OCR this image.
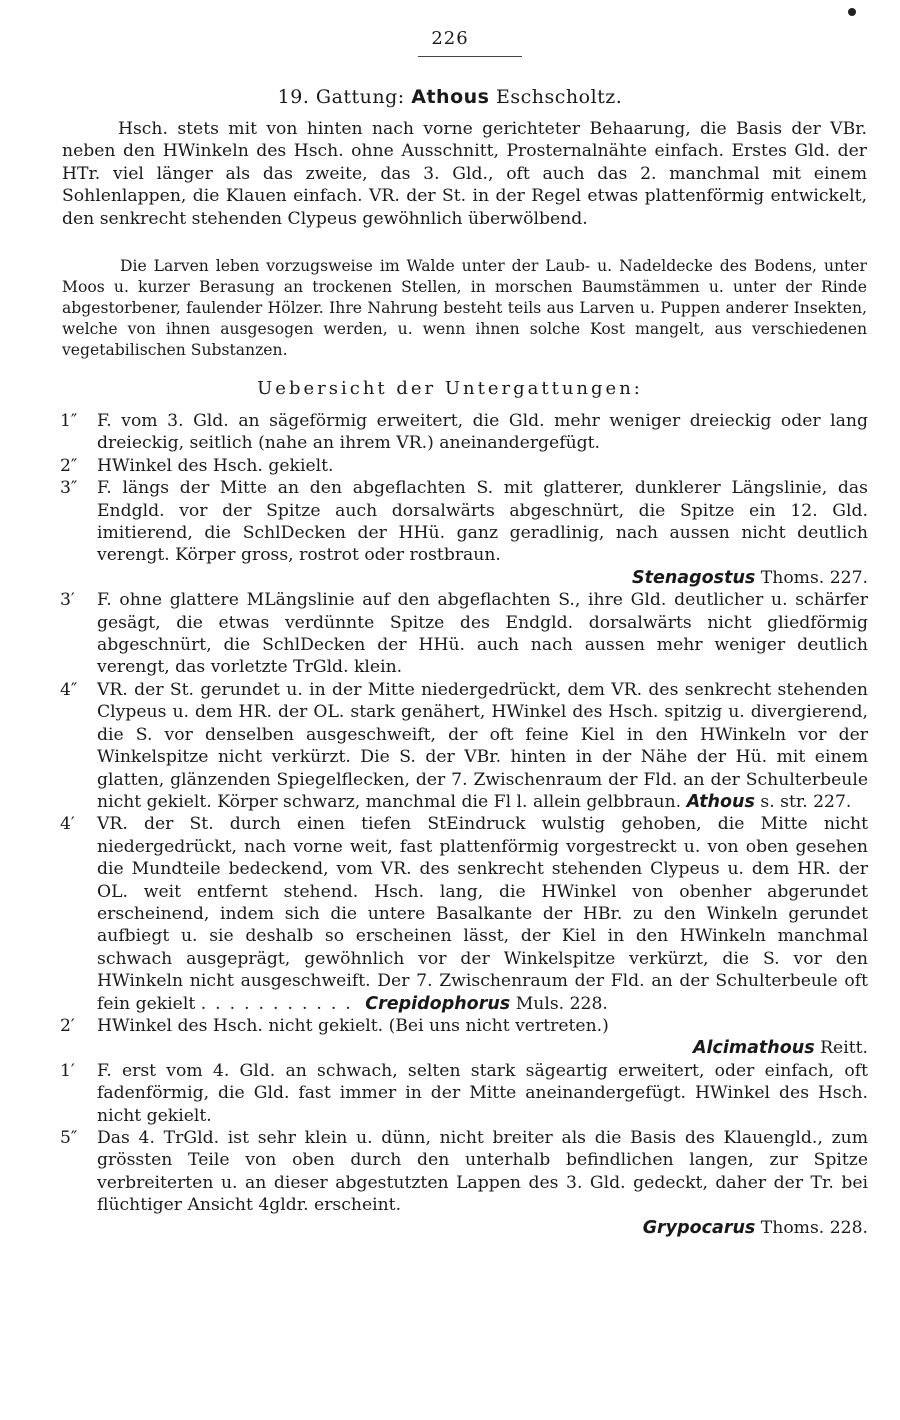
226
19. Gattung: Athous Eschscholtz.

Hsch. stets mit von hinten nach vorne gerichteter Behaarung, die Basis der VBr. neben den HWinkeln des Hsch. ohne Ausschnitt, Prosternalnähte einfach. Erstes Gld. der HTr. viel länger als das zweite, das 3. Gld., oft auch das 2. manchmal mit einem Sohlenlappen, die Klauen einfach. VR. der St. in der Regel etwas plattenförmig entwickelt, den senkrecht stehenden Clypeus gewöhnlich überwölbend.

Die Larven leben vorzugsweise im Walde unter der Laub- u. Nadeldecke des Bodens, unter Moos u. kurzer Berasung an trockenen Stellen, in morschen Baumstämmen u. unter der Rinde abgestorbener, faulender Hölzer. Ihre Nahrung besteht teils aus Larven u. Puppen anderer Insekten, welche von ihnen ausgesogen werden, u. wenn ihnen solche Kost mangelt, aus verschiedenen vegetabilischen Substanzen.

Uebersicht der Untergattungen:

1″ F. vom 3. Gld. an sägeförmig erweitert, die Gld. mehr weniger dreieckig oder lang dreieckig, seitlich (nahe an ihrem VR.) aneinandergefügt.

2″ HWinkel des Hsch. gekielt.

3″ F. längs der Mitte an den abgeflachten S. mit glatterer, dunklerer Längslinie, das Endgld. vor der Spitze auch dorsalwärts abgeschnürt, die Spitze ein 12. Gld. imitierend, die SchlDecken der HHü. ganz geradlinig, nach aussen nicht deutlich verengt. Körper gross, rostrot oder rostbraun.

Stenagostus Thoms. 227.

3′ F. ohne glattere MLängslinie auf den abgeflachten S., ihre Gld. deutlicher u. schärfer gesägt, die etwas verdünnte Spitze des Endgld. dorsalwärts nicht gliedförmig abgeschnürt, die SchlDecken der HHü. auch nach aussen mehr weniger deutlich verengt, das vorletzte TrGld. klein.

4″ VR. der St. gerundet u. in der Mitte niedergedrückt, dem VR. des senkrecht stehenden Clypeus u. dem HR. der OL. stark genähert, HWinkel des Hsch. spitzig u. divergierend, die S. vor denselben ausgeschweift, der oft feine Kiel in den HWinkeln vor der Winkelspitze nicht verkürzt. Die S. der VBr. hinten in der Nähe der Hü. mit einem glatten, glänzenden Spiegelflecken, der 7. Zwischenraum der Fld. an der Schulterbeule nicht gekielt. Körper schwarz, manchmal die Fl l. allein gelbbraun. Athous s. str. 227.

4′ VR. der St. durch einen tiefen StEindruck wulstig gehoben, die Mitte nicht niedergedrückt, nach vorne weit, fast plattenförmig vorgestreckt u. von oben gesehen die Mundteile bedeckend, vom VR. des senkrecht stehenden Clypeus u. dem HR. der OL. weit entfernt stehend. Hsch. lang, die HWinkel von obenher abgerundet erscheinend, indem sich die untere Basalkante der HBr. zu den Winkeln gerundet aufbiegt u. sie deshalb so erscheinen lässt, der Kiel in den HWinkeln manchmal schwach ausgeprägt, gewöhnlich vor der Winkelspitze verkürzt, die S. vor den HWinkeln nicht ausgeschweift. Der 7. Zwischenraum der Fld. an der Schulterbeule oft fein gekielt ........... Crepidophorus Muls. 228.

2′ HWinkel des Hsch. nicht gekielt. (Bei uns nicht vertreten.)

Alcimathous Reitt.

1′ F. erst vom 4. Gld. an schwach, selten stark sägeartig erweitert, oder einfach, oft fadenförmig, die Gld. fast immer in der Mitte aneinandergefügt. HWinkel des Hsch. nicht gekielt.

5″ Das 4. TrGld. ist sehr klein u. dünn, nicht breiter als die Basis des Klauengld., zum grössten Teile von oben durch den unterhalb befindlichen langen, zur Spitze verbreiterten u. an dieser abgestutzten Lappen des 3. Gld. gedeckt, daher der Tr. bei flüchtiger Ansicht 4gldr. erscheint.

Grypocarus Thoms. 228.
